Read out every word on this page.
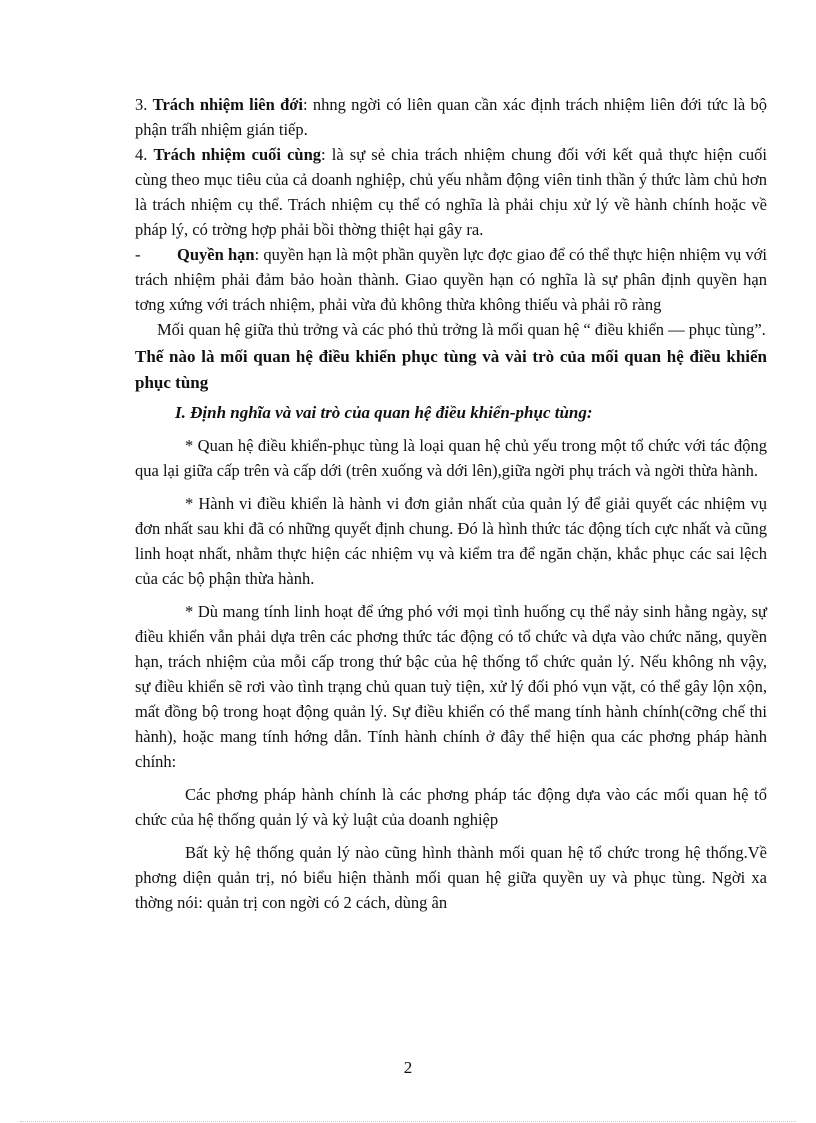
3. Trách nhiệm liên đới: nhng ngời có liên quan cần xác định trách nhiệm liên đới tức là bộ phận trấh nhiệm gián tiếp.

4. Trách nhiệm cuối cùng: là sự sẻ chia trách nhiệm chung đối với kết quả thực hiện cuối cùng theo mục tiêu của cả doanh nghiệp, chủ yếu nhằm động viên tinh thần ý thức làm chủ hơn là trách nhiệm cụ thể. Trách nhiệm cụ thể có nghĩa là phải chịu xử lý về hành chính hoặc về pháp lý, có trờng hợp phải bồi thờng thiệt hại gây ra.

- Quyền hạn: quyền hạn là một phần quyền lực đợc giao để có thể thực hiện nhiệm vụ với trách nhiệm phải đảm bảo hoàn thành. Giao quyền hạn có nghĩa là sự phân định quyền hạn tơng xứng với trách nhiệm, phải vừa đủ không thừa không thiếu và phải rõ ràng

Mối quan hệ giữa thủ trởng và các phó thủ trởng là mối quan hệ “ điều khiển — phục tùng”.

Thế nào là mối quan hệ điều khiển phục tùng và vài trò của mối quan hệ điều khiển phục tùng

I. Định nghĩa và vai trò của quan hệ điều khiển-phục tùng:

* Quan hệ điều khiển-phục tùng là loại quan hệ chủ yếu trong một tổ chức với tác động qua lại giữa cấp trên và cấp dới (trên xuống và dới lên),giữa ngời phụ trách và ngời thừa hành.

* Hành vi điều khiển là hành vi đơn giản nhất của quản lý để giải quyết các nhiệm vụ đơn nhất sau khi đã có những quyết định chung. Đó là hình thức tác động tích cực nhất và cũng linh hoạt nhất, nhằm thực hiện các nhiệm vụ và kiểm tra để ngăn chặn, khắc phục các sai lệch của các bộ phận thừa hành.

* Dù mang tính linh hoạt để ứng phó với mọi tình huống cụ thể nảy sinh hằng ngày, sự điều khiển vẫn phải dựa trên các phơng thức tác động có tổ chức và dựa vào chức năng, quyền hạn, trách nhiệm của mỗi cấp trong thứ bậc của hệ thống tổ chức quản lý. Nếu không nh vậy, sự điều khiển sẽ rơi vào tình trạng chủ quan tuỳ tiện, xử lý đối phó vụn vặt, có thể gây lộn xộn, mất đồng bộ trong hoạt động quản lý. Sự điều khiển có thể mang tính hành chính(cỡng chế thi hành), hoặc mang tính hớng dẫn. Tính hành chính ở đây thể hiện qua các phơng pháp hành chính:

Các phơng pháp hành chính là các phơng pháp tác động dựa vào các mối quan hệ tổ chức của hệ thống quản lý và kỷ luật của doanh nghiệp

Bất kỳ hệ thống quản lý nào cũng hình thành mối quan hệ tổ chức trong hệ thống.Về phơng diện quản trị, nó biểu hiện thành mối quan hệ giữa quyền uy và phục tùng. Ngời xa thờng nói: quản trị con ngời có 2 cách, dùng ân

2
